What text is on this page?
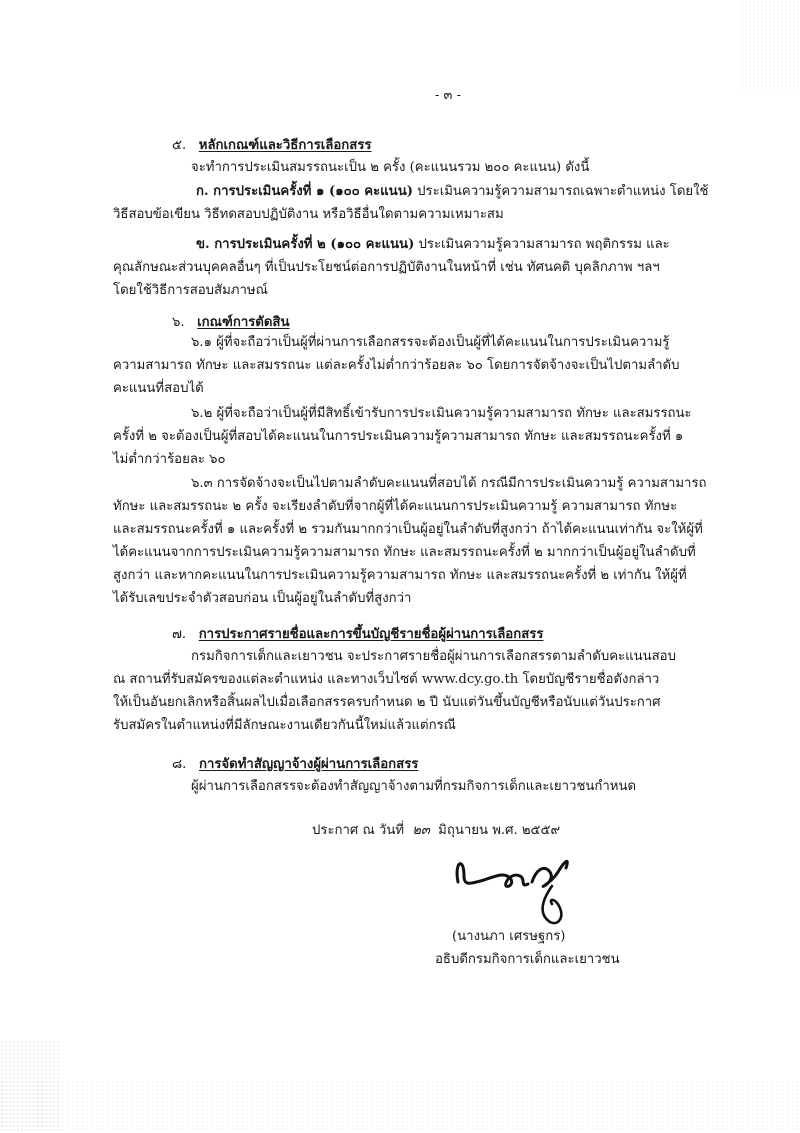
- ๓ -
๕. หลักเกณฑ์และวิธีการเลือกสรร
จะทำการประเมินสมรรถนะเป็น ๒ ครั้ง (คะแนนรวม ๒๐๐ คะแนน) ดังนี้
ก. การประเมินครั้งที่ ๑ (๑๐๐ คะแนน) ประเมินความรู้ความสามารถเฉพาะตำแหน่ง โดยใช้
วิธีสอบข้อเขียน วิธีทดสอบปฏิบัติงาน หรือวิธีอื่นใดตามความเหมาะสม
ข. การประเมินครั้งที่ ๒ (๑๐๐ คะแนน) ประเมินความรู้ความสามารถ พฤติกรรม และ
คุณลักษณะส่วนบุคคลอื่นๆ ที่เป็นประโยชน์ต่อการปฏิบัติงานในหน้าที่ เช่น ทัศนคติ บุคลิกภาพ ฯลฯ
โดยใช้วิธีการสอบสัมภาษณ์
๖. เกณฑ์การตัดสิน
๖.๑ ผู้ที่จะถือว่าเป็นผู้ที่ผ่านการเลือกสรรจะต้องเป็นผู้ที่ได้คะแนนในการประเมินความรู้
ความสามารถ ทักษะ และสมรรถนะ แต่ละครั้งไม่ต่ำกว่าร้อยละ ๖๐ โดยการจัดจ้างจะเป็นไปตามลำดับ
คะแนนที่สอบได้
๖.๒ ผู้ที่จะถือว่าเป็นผู้ที่มีสิทธิ์เข้ารับการประเมินความรู้ความสามารถ ทักษะ และสมรรถนะ
ครั้งที่ ๒ จะต้องเป็นผู้ที่สอบได้คะแนนในการประเมินความรู้ความสามารถ ทักษะ และสมรรถนะครั้งที่ ๑
ไม่ต่ำกว่าร้อยละ ๖๐
๖.๓ การจัดจ้างจะเป็นไปตามลำดับคะแนนที่สอบได้ กรณีมีการประเมินความรู้ ความสามารถ
ทักษะ และสมรรถนะ ๒ ครั้ง จะเรียงลำดับที่จากผู้ที่ได้คะแนนการประเมินความรู้ ความสามารถ ทักษะ
และสมรรถนะครั้งที่ ๑ และครั้งที่ ๒ รวมกันมากกว่าเป็นผู้อยู่ในลำดับที่สูงกว่า ถ้าได้คะแนนเท่ากัน จะให้ผู้ที่
ได้คะแนนจากการประเมินความรู้ความสามารถ ทักษะ และสมรรถนะครั้งที่ ๒ มากกว่าเป็นผู้อยู่ในลำดับที่
สูงกว่า และหากคะแนนในการประเมินความรู้ความสามารถ ทักษะ และสมรรถนะครั้งที่ ๒ เท่ากัน ให้ผู้ที่
ได้รับเลขประจำตัวสอบก่อน เป็นผู้อยู่ในลำดับที่สูงกว่า
๗. การประกาศรายชื่อและการขึ้นบัญชีรายชื่อผู้ผ่านการเลือกสรร
กรมกิจการเด็กและเยาวชน จะประกาศรายชื่อผู้ผ่านการเลือกสรรตามลำดับคะแนนสอบ
ณ สถานที่รับสมัครของแต่ละตำแหน่ง และทางเว็บไซต์ www.dcy.go.th โดยบัญชีรายชื่อดังกล่าว
ให้เป็นอันยกเลิกหรือสิ้นผลไปเมื่อเลือกสรรครบกำหนด ๒ ปี นับแต่วันขึ้นบัญชีหรือนับแต่วันประกาศ
รับสมัครในตำแหน่งที่มีลักษณะงานเดียวกันนี้ใหม่แล้วแต่กรณี
๘. การจัดทำสัญญาจ้างผู้ผ่านการเลือกสรร
ผู้ผ่านการเลือกสรรจะต้องทำสัญญาจ้างตามที่กรมกิจการเด็กและเยาวชนกำหนด
ประกาศ ณ วันที่ ๒๓ มิถุนายน พ.ศ. ๒๕๕๙
(นางนภา เศรษฐกร)
อธิบดีกรมกิจการเด็กและเยาวชน
